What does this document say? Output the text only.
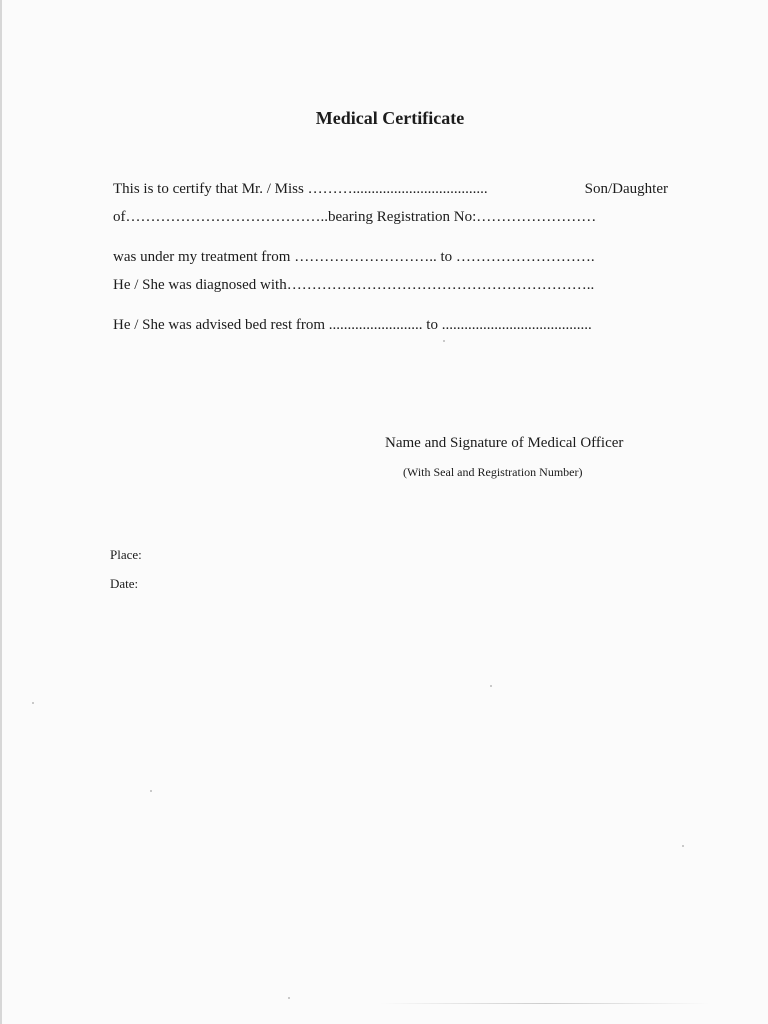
Medical Certificate
This is to certify that Mr. / Miss ………....................................	Son/Daughter
of…………………………………..bearing Registration No:……………………
was under my treatment from ……………………….. to ……………………….
He / She was diagnosed with……………………………………………………..
He / She was advised bed rest from ......................... to ........................................
Name and Signature of Medical Officer
(With Seal and Registration Number)
Place:
Date:
